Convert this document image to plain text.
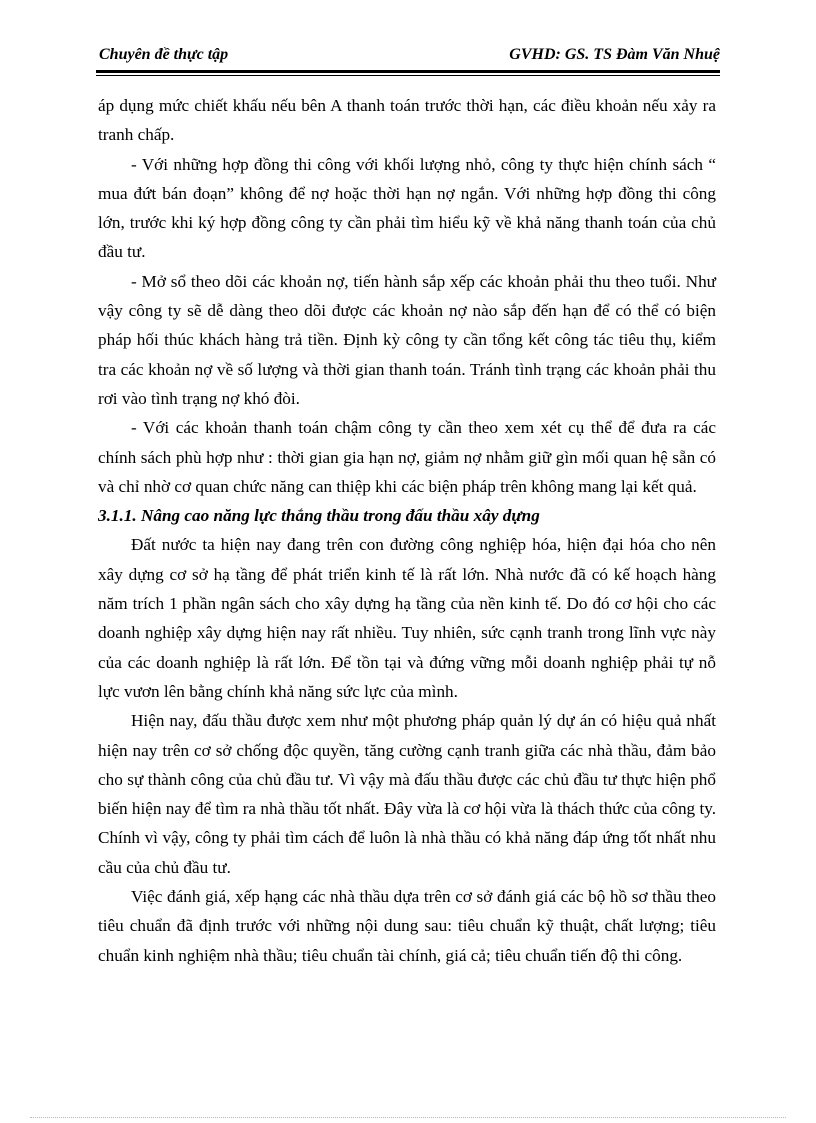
Chuyên đề thực tập	GVHD: GS. TS Đàm Văn Nhuệ

áp dụng mức chiết khấu nếu bên A thanh toán trước thời hạn, các điều khoản nếu xảy ra tranh chấp.

- Với những hợp đồng thi công với khối lượng nhỏ, công ty thực hiện chính sách “ mua đứt bán đoạn” không để nợ hoặc thời hạn nợ ngắn. Với những hợp đồng thi công lớn, trước khi ký hợp đồng công ty cần phải tìm hiểu kỹ về khả năng thanh toán của chủ đầu tư.

- Mở sổ theo dõi các khoản nợ, tiến hành sắp xếp các khoản phải thu theo tuổi. Như vậy công ty sẽ dễ dàng theo dõi được các khoản nợ nào sắp đến hạn để có thể có biện pháp hối thúc khách hàng trả tiền. Định kỳ công ty cần tổng kết công tác tiêu thụ, kiểm tra các khoản nợ về số lượng và thời gian thanh toán. Tránh tình trạng các khoản phải thu rơi vào tình trạng nợ khó đòi.

- Với các khoản thanh toán chậm công ty cần theo xem xét cụ thể để đưa ra các chính sách phù hợp như : thời gian gia hạn nợ, giảm nợ nhằm giữ gìn mối quan hệ sẵn có và chỉ nhờ cơ quan chức năng can thiệp khi các biện pháp trên không mang lại kết quả.

3.1.1. Nâng cao năng lực thắng thầu trong đấu thầu xây dựng

Đất nước ta hiện nay đang trên con đường công nghiệp hóa, hiện đại hóa cho nên xây dựng cơ sở hạ tầng để phát triển kinh tế là rất lớn. Nhà nước đã có kế hoạch hàng năm trích 1 phần ngân sách cho xây dựng hạ tầng của nền kinh tế. Do đó cơ hội cho các doanh nghiệp xây dựng hiện nay rất nhiều. Tuy nhiên, sức cạnh tranh trong lĩnh vực này của các doanh nghiệp là rất lớn. Để tồn tại và đứng vững mỗi doanh nghiệp phải tự nỗ lực vươn lên bằng chính khả năng sức lực của mình.

Hiện nay, đấu thầu được xem như một phương pháp quản lý dự án có hiệu quả nhất hiện nay trên cơ sở chống độc quyền, tăng cường cạnh tranh giữa các nhà thầu, đảm bảo cho sự thành công của chủ đầu tư. Vì vậy mà đấu thầu được các chủ đầu tư thực hiện phổ biến hiện nay để tìm ra nhà thầu tốt nhất. Đây vừa là cơ hội vừa là thách thức của công ty. Chính vì vậy, công ty phải tìm cách để luôn là nhà thầu có khả năng đáp ứng tốt nhất nhu cầu của chủ đầu tư.

Việc đánh giá, xếp hạng các nhà thầu dựa trên cơ sở đánh giá các bộ hồ sơ thầu theo tiêu chuẩn đã định trước với những nội dung sau: tiêu chuẩn kỹ thuật, chất lượng; tiêu chuẩn kinh nghiệm nhà thầu; tiêu chuẩn tài chính, giá cả; tiêu chuẩn tiến độ thi công.
